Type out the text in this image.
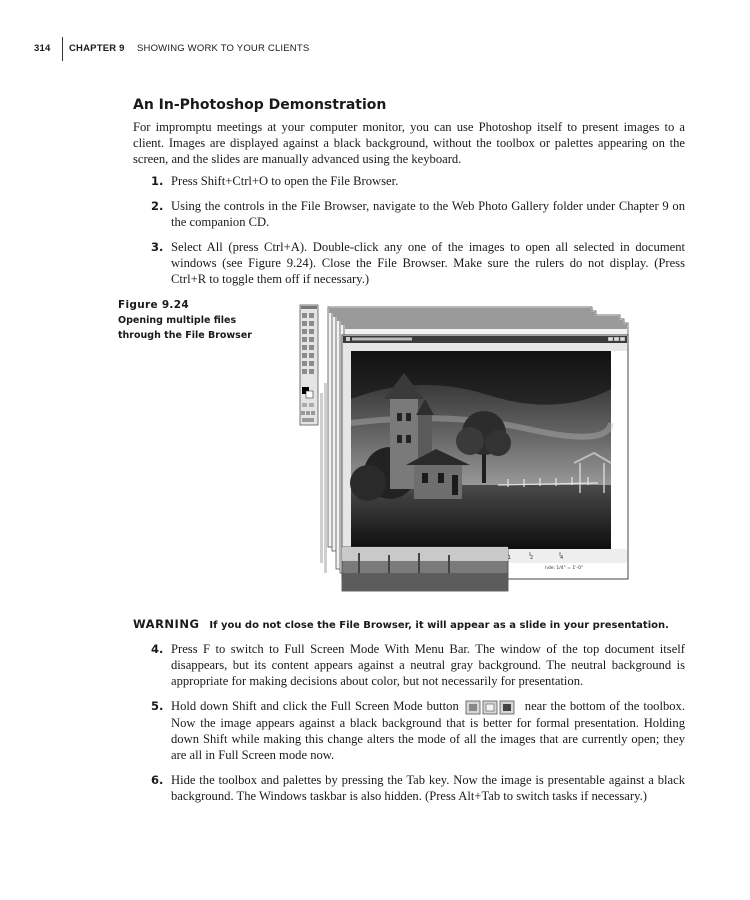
314 CHAPTER 9 SHOWING WORK TO YOUR CLIENTS
An In-Photoshop Demonstration

For impromptu meetings at your computer monitor, you can use Photoshop itself to present images to a client. Images are displayed against a black background, without the toolbox or palettes appearing on the screen, and the slides are manually advanced using the keyboard.

1. Press Shift+Ctrl+O to open the File Browser.
2. Using the controls in the File Browser, navigate to the Web Photo Gallery folder under Chapter 9 on the companion CD.
3. Select All (press Ctrl+A). Double-click any one of the images to open all selected in document windows (see Figure 9.24). Close the File Browser. Make sure the rulers do not display. (Press Ctrl+R to toggle them off if necessary.)
Figure 9.24
Opening multiple files through the File Browser
1	2	4
nde: 1/4" = 1'-0"
WARNING If you do not close the File Browser, it will appear as a slide in your presentation.
4. Press F to switch to Full Screen Mode With Menu Bar. The window of the top document itself disappears, but its content appears against a neutral gray background. The neutral background is appropriate for making decisions about color, but not necessarily for presentation.
5. Hold down Shift and click the Full Screen Mode button	near the bottom of the toolbox. Now the image appears against a black background that is better for formal presentation. Holding down Shift while making this change alters the mode of all the images that are currently open; they are all in Full Screen mode now.
6. Hide the toolbox and palettes by pressing the Tab key. Now the image is presentable against a black background. The Windows taskbar is also hidden. (Press Alt+Tab to switch tasks if necessary.)
